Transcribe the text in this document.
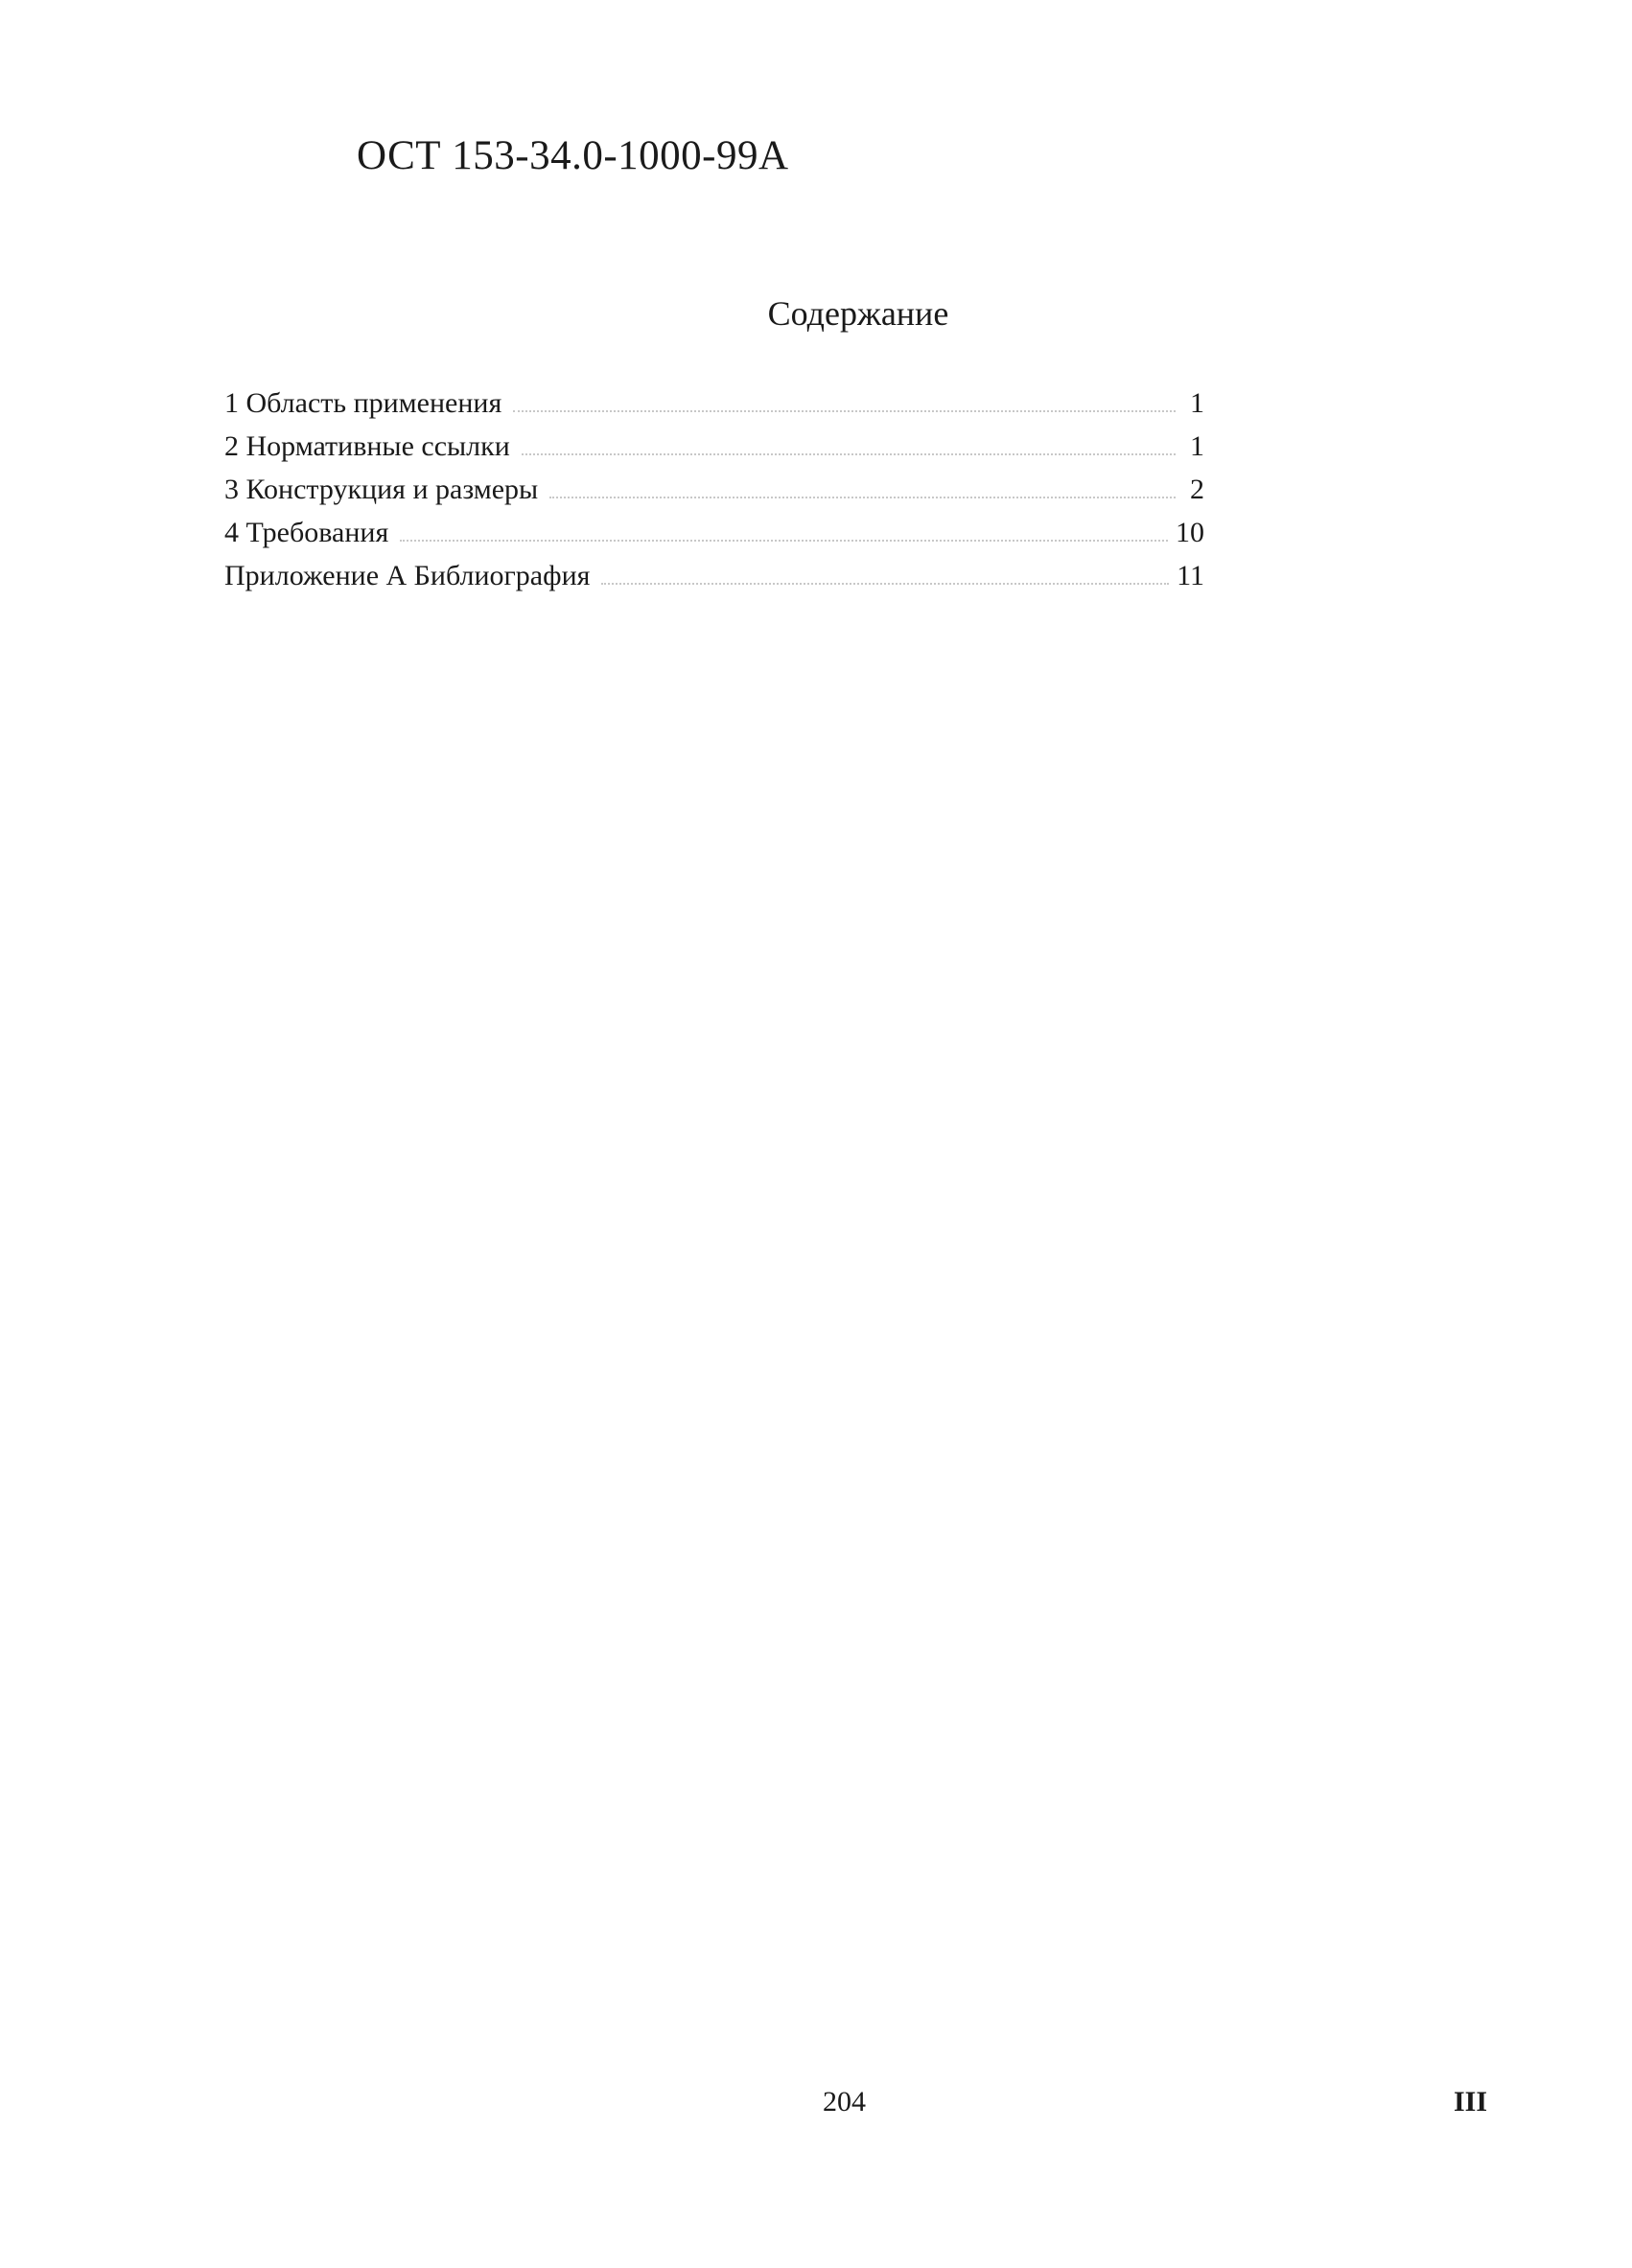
ОСТ 153-34.0-1000-99А
Содержание
1 Область применения	1
2 Нормативные ссылки	1
3 Конструкция и размеры	2
4 Требования	10
Приложение А Библиография	11
204	III
